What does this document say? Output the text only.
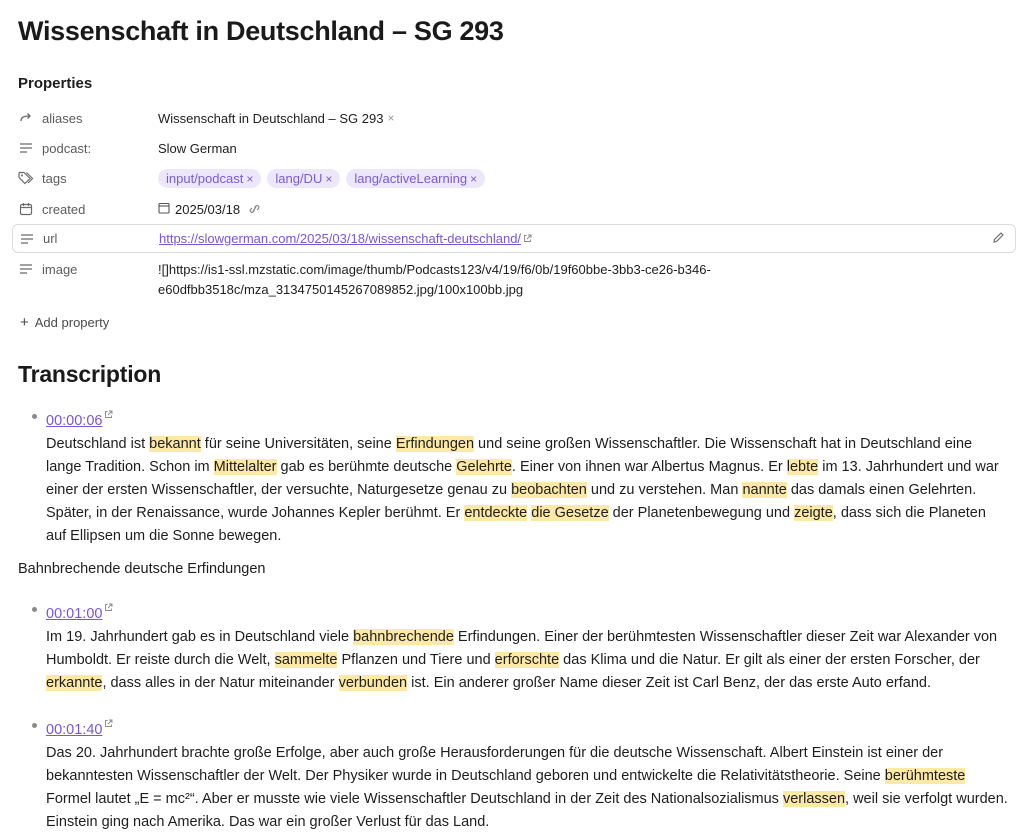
Wissenschaft in Deutschland – SG 293
Properties
aliases	Wissenschaft in Deutschland – SG 293 ×
podcast:	Slow German
tags	input/podcast ×	lang/DU ×	lang/activeLearning ×
created	2025/03/18
url	https://slowgerman.com/2025/03/18/wissenschaft-deutschland/
image	![]https://is1-ssl.mzstatic.com/image/thumb/Podcasts123/v4/19/f6/0b/19f60bbe-3bb3-ce26-b346-
e60dfbb3518c/mza_3134750145267089852.jpg/100x100bb.jpg
+ Add property
Transcription
00:00:06
Deutschland ist bekannt für seine Universitäten, seine Erfindungen und seine großen Wissenschaftler. Die Wissenschaft hat in Deutschland eine lange Tradition. Schon im Mittelalter gab es berühmte deutsche Gelehrte. Einer von ihnen war Albertus Magnus. Er lebte im 13. Jahrhundert und war einer der ersten Wissenschaftler, der versuchte, Naturgesetze genau zu beobachten und zu verstehen. Man nannte das damals einen Gelehrten. Später, in der Renaissance, wurde Johannes Kepler berühmt. Er entdeckte die Gesetze der Planetenbewegung und zeigte, dass sich die Planeten auf Ellipsen um die Sonne bewegen.
Bahnbrechende deutsche Erfindungen
00:01:00
Im 19. Jahrhundert gab es in Deutschland viele bahnbrechende Erfindungen. Einer der berühmtesten Wissenschaftler dieser Zeit war Alexander von Humboldt. Er reiste durch die Welt, sammelte Pflanzen und Tiere und erforschte das Klima und die Natur. Er gilt als einer der ersten Forscher, der erkannte, dass alles in der Natur miteinander verbunden ist. Ein anderer großer Name dieser Zeit ist Carl Benz, der das erste Auto erfand.
00:01:40
Das 20. Jahrhundert brachte große Erfolge, aber auch große Herausforderungen für die deutsche Wissenschaft. Albert Einstein ist einer der bekanntesten Wissenschaftler der Welt. Der Physiker wurde in Deutschland geboren und entwickelte die Relativitätstheorie. Seine berühmteste Formel lautet „E = mc²“. Aber er musste wie viele Wissenschaftler Deutschland in der Zeit des Nationalsozialismus verlassen, weil sie verfolgt wurden. Einstein ging nach Amerika. Das war ein großer Verlust für das Land.
